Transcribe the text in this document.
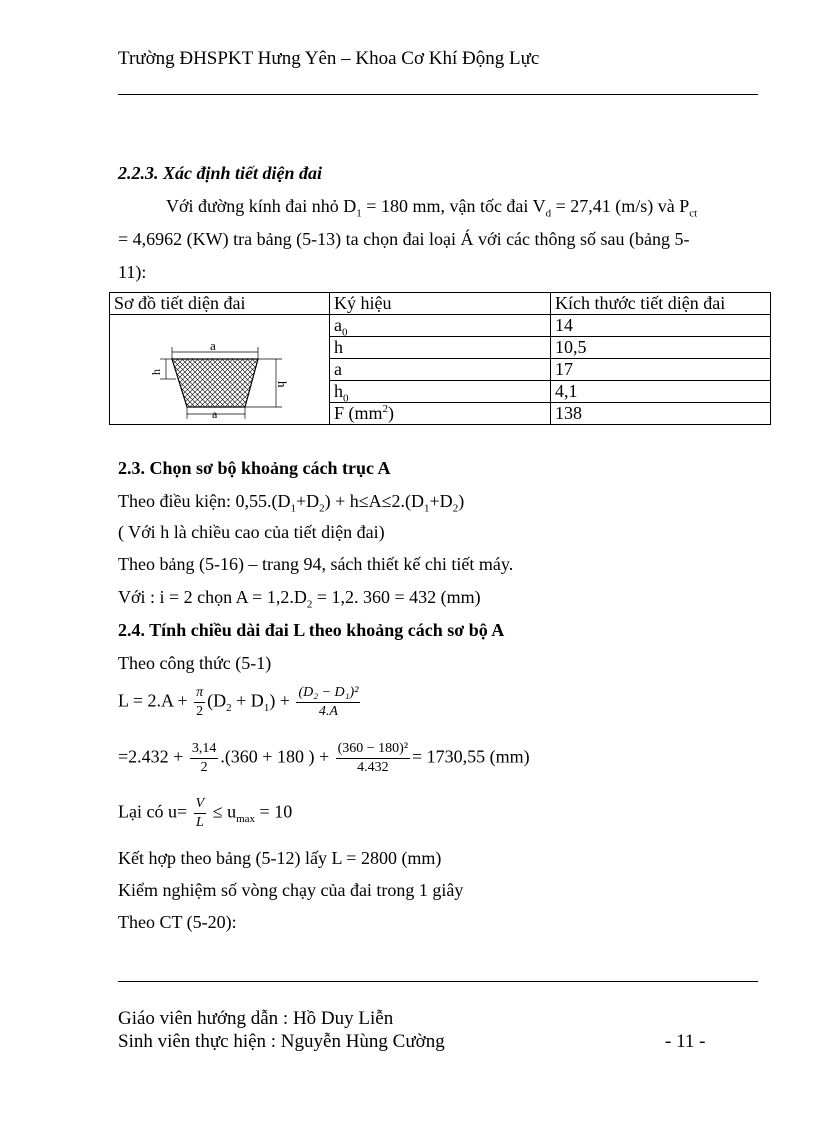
Trường ĐHSPKT Hưng Yên – Khoa Cơ Khí Động Lực
2.2.3. Xác định tiết diện đai
Với đường kính đai nhỏ $D_1 = 180$ mm, vận tốc đai $V_d = 27,41$ (m/s) và $P_{ct}$
= 4,6962 (KW) tra bảng (5-13) ta chọn đai loại Á với các thông số sau (bảng 5-
11):
Sơ đồ tiết diện đai	Ký hiệu	Kích thước tiết diện đai

a
h
h
a	$a_0$	14
	h	10,5
	a	17
	$h_0$	4,1
	F $(mm^2)$	138
2.3. Chọn sơ bộ khoảng cách trục A
Theo điều kiện: $0,55.(D_1+D_2) + h\le A\le 2.(D_1+D_2)$
( Với h là chiều cao của tiết diện đai)
Theo bảng (5-16) – trang 94, sách thiết kế chi tiết máy.
Với : i = 2 chọn $A = 1,2.D_2 = 1,2$. 360 = 432 (mm)
2.4. Tính chiều dài đai L theo khoảng cách sơ bộ A
Theo công thức (5-1)
$L = 2.A + \frac{\pi}{2} (D_2 + D_1) + \frac{\text{(D₂ − D₁)²}}{4.A}$
$=2.432 + \frac{3,14}{2} .(360 + 180$ ) + $\frac{\text{(360 − 180)²}}{4.432} = 1730,55$ (mm)
Lại có $u= \frac{V}{L} \le u_{max} = 10$
Kết hợp theo bảng (5-12) lấy L = 2800 (mm)
Kiểm nghiệm số vòng chạy của đai trong 1 giây
Theo CT (5-20):
Giáo viên hướng dẫn : Hồ Duy Liễn
Sinh viên thực hiện : Nguyễn Hùng Cường	- 11 -
